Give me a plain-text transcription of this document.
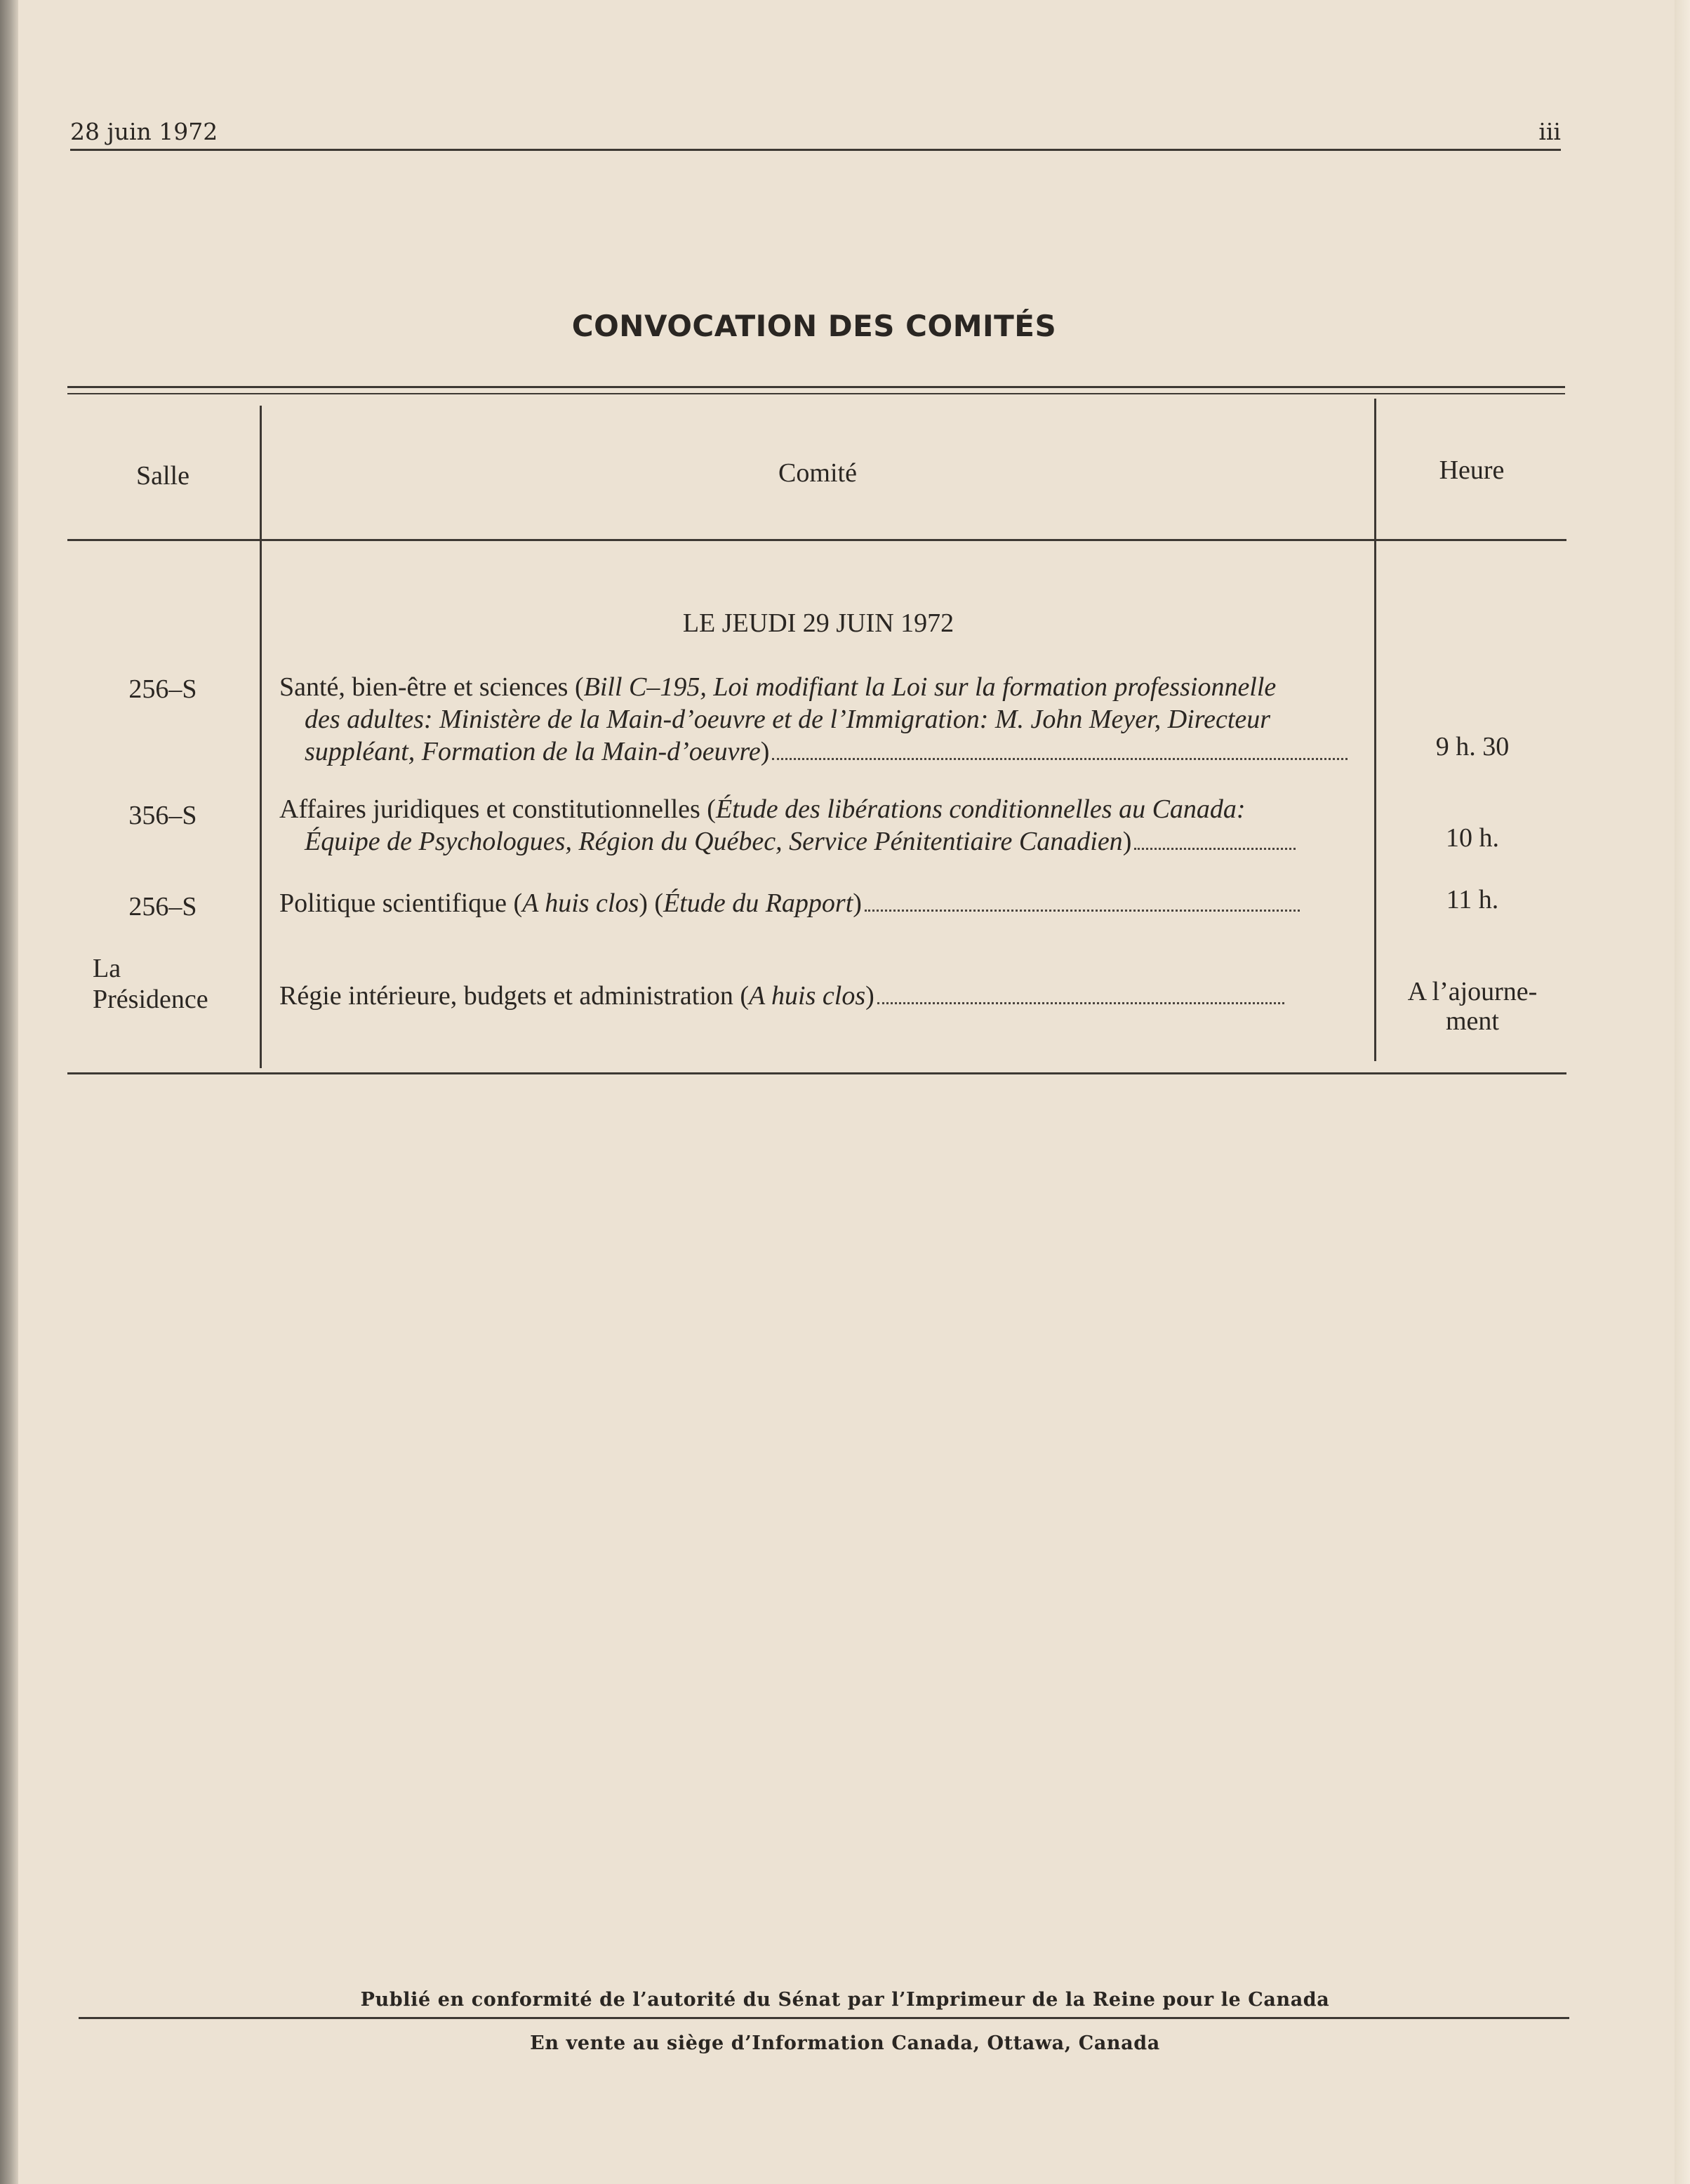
28 juin 1972	iii
CONVOCATION DES COMITÉS
Salle	Comité	Heure
LE JEUDI 29 JUIN 1972
256–S	Santé, bien-être et sciences (Bill C–195, Loi modifiant la Loi sur la formation professionnelle
des adultes: Ministère de la Main-d’oeuvre et de l’Immigration: M. John Meyer, Directeur
suppléant, Formation de la Main-d’oeuvre)	9 h. 30
356–S	Affaires juridiques et constitutionnelles (Étude des libérations conditionnelles au Canada:
Équipe de Psychologues, Région du Québec, Service Pénitentiaire Canadien)	10 h.
256–S	Politique scientifique (A huis clos) (Étude du Rapport)	11 h.
La
Présidence	Régie intérieure, budgets et administration (A huis clos)	A l’ajourne-
ment
Publié en conformité de l’autorité du Sénat par l’Imprimeur de la Reine pour le Canada
En vente au siège d’Information Canada, Ottawa, Canada
